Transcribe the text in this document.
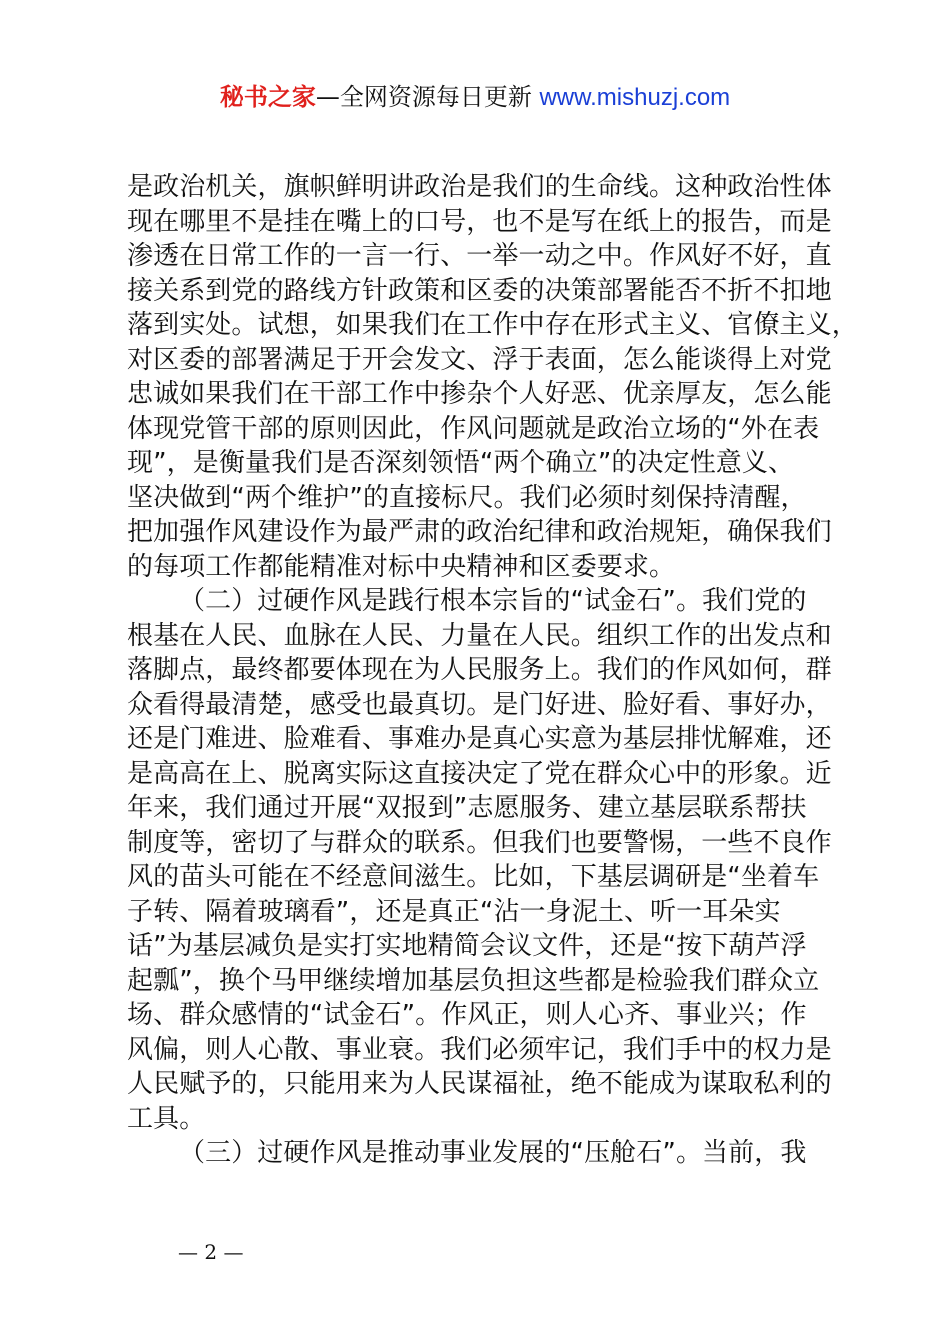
秘书之家—全网资源每日更新 www.mishuzj.com
是政治机关，旗帜鲜明讲政治是我们的生命线。这种政治性体
现在哪里不是挂在嘴上的口号，也不是写在纸上的报告，而是
渗透在日常工作的一言一行、一举一动之中。作风好不好，直
接关系到党的路线方针政策和区委的决策部署能否不折不扣地
落到实处。试想，如果我们在工作中存在形式主义、官僚主义，
对区委的部署满足于开会发文、浮于表面，怎么能谈得上对党
忠诚如果我们在干部工作中掺杂个人好恶、优亲厚友，怎么能
体现党管干部的原则因此，作风问题就是政治立场的“外在表
现”，是衡量我们是否深刻领悟“两个确立”的决定性意义、
坚决做到“两个维护”的直接标尺。我们必须时刻保持清醒，
把加强作风建设作为最严肃的政治纪律和政治规矩，确保我们
的每项工作都能精准对标中央精神和区委要求。
（二）过硬作风是践行根本宗旨的“试金石”。我们党的
根基在人民、血脉在人民、力量在人民。组织工作的出发点和
落脚点，最终都要体现在为人民服务上。我们的作风如何，群
众看得最清楚，感受也最真切。是门好进、脸好看、事好办，
还是门难进、脸难看、事难办是真心实意为基层排忧解难，还
是高高在上、脱离实际这直接决定了党在群众心中的形象。近
年来，我们通过开展“双报到”志愿服务、建立基层联系帮扶
制度等，密切了与群众的联系。但我们也要警惕，一些不良作
风的苗头可能在不经意间滋生。比如，下基层调研是“坐着车
子转、隔着玻璃看”，还是真正“沾一身泥土、听一耳朵实
话”为基层减负是实打实地精简会议文件，还是“按下葫芦浮
起瓢”，换个马甲继续增加基层负担这些都是检验我们群众立
场、群众感情的“试金石”。作风正，则人心齐、事业兴；作
风偏，则人心散、事业衰。我们必须牢记，我们手中的权力是
人民赋予的，只能用来为人民谋福祉，绝不能成为谋取私利的
工具。
（三）过硬作风是推动事业发展的“压舱石”。当前，我
— 2 —
